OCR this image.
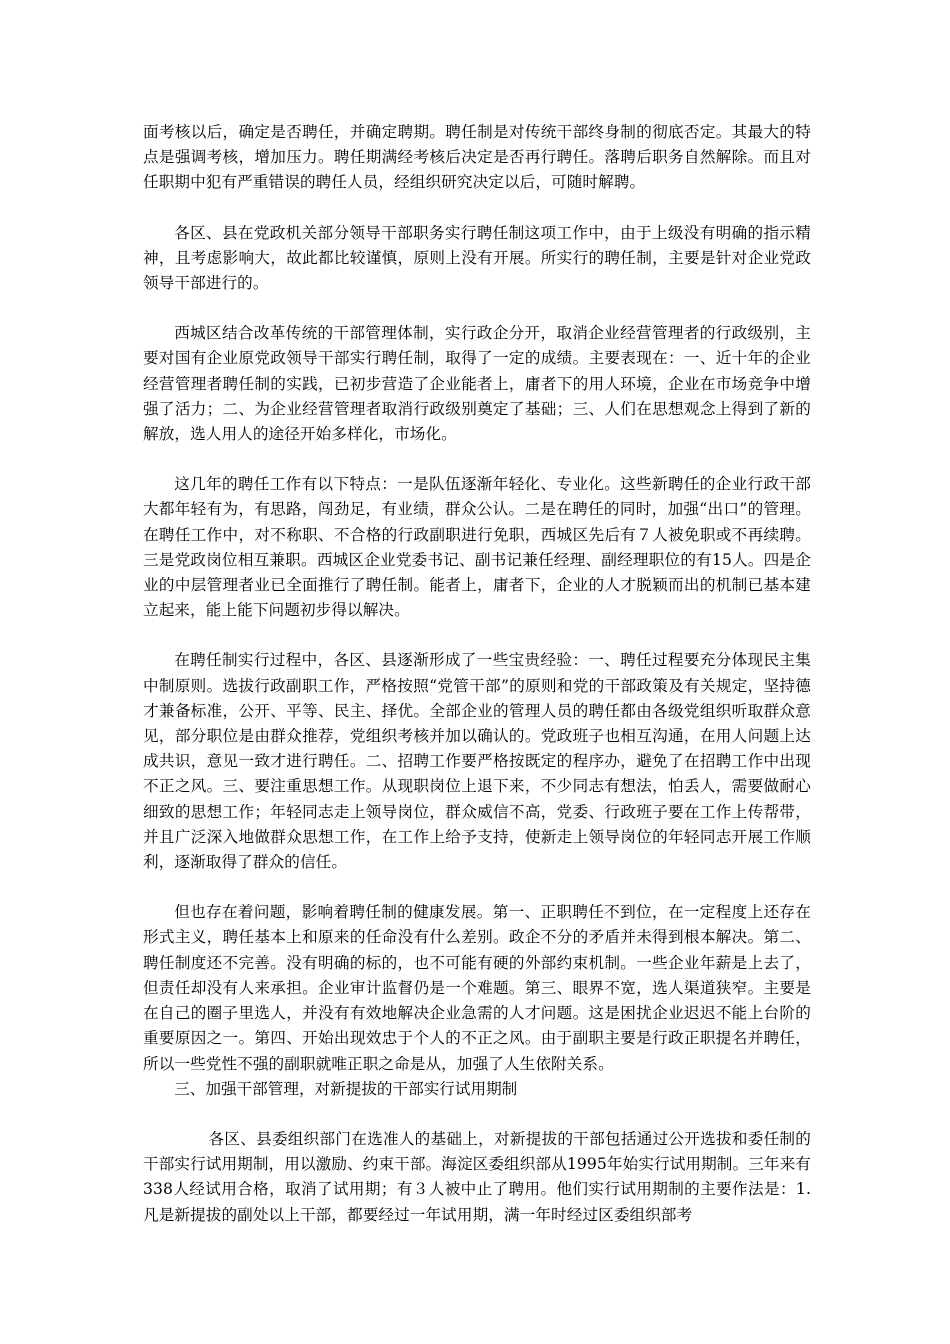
面考核以后，确定是否聘任，并确定聘期。聘任制是对传统干部终身制的彻底否定。其最大的特点是强调考核，增加压力。聘任期满经考核后决定是否再行聘任。落聘后职务自然解除。而且对任职期中犯有严重错误的聘任人员，经组织研究决定以后，可随时解聘。

各区、县在党政机关部分领导干部职务实行聘任制这项工作中，由于上级没有明确的指示精神，且考虑影响大，故此都比较谨慎，原则上没有开展。所实行的聘任制，主要是针对企业党政领导干部进行的。

西城区结合改革传统的干部管理体制，实行政企分开，取消企业经营管理者的行政级别，主要对国有企业原党政领导干部实行聘任制，取得了一定的成绩。主要表现在：一、近十年的企业经营管理者聘任制的实践，已初步营造了企业能者上，庸者下的用人环境，企业在市场竞争中增强了活力；二、为企业经营管理者取消行政级别奠定了基础；三、人们在思想观念上得到了新的解放，选人用人的途径开始多样化，市场化。

这几年的聘任工作有以下特点：一是队伍逐渐年轻化、专业化。这些新聘任的企业行政干部大都年轻有为，有思路，闯劲足，有业绩，群众公认。二是在聘任的同时，加强“出口”的管理。在聘任工作中，对不称职、不合格的行政副职进行免职，西城区先后有７人被免职或不再续聘。三是党政岗位相互兼职。西城区企业党委书记、副书记兼任经理、副经理职位的有15人。四是企业的中层管理者业已全面推行了聘任制。能者上，庸者下，企业的人才脱颖而出的机制已基本建立起来，能上能下问题初步得以解决。

在聘任制实行过程中，各区、县逐渐形成了一些宝贵经验：一、聘任过程要充分体现民主集中制原则。选拔行政副职工作，严格按照“党管干部”的原则和党的干部政策及有关规定，坚持德才兼备标准，公开、平等、民主、择优。全部企业的管理人员的聘任都由各级党组织听取群众意见，部分职位是由群众推荐，党组织考核并加以确认的。党政班子也相互沟通，在用人问题上达成共识，意见一致才进行聘任。二、招聘工作要严格按既定的程序办，避免了在招聘工作中出现不正之风。三、要注重思想工作。从现职岗位上退下来，不少同志有想法，怕丢人，需要做耐心细致的思想工作；年轻同志走上领导岗位，群众威信不高，党委、行政班子要在工作上传帮带，并且广泛深入地做群众思想工作，在工作上给予支持，使新走上领导岗位的年轻同志开展工作顺利，逐渐取得了群众的信任。

但也存在着问题，影响着聘任制的健康发展。第一、正职聘任不到位，在一定程度上还存在形式主义，聘任基本上和原来的任命没有什么差别。政企不分的矛盾并未得到根本解决。第二、聘任制度还不完善。没有明确的标的，也不可能有硬的外部约束机制。一些企业年薪是上去了，但责任却没有人来承担。企业审计监督仍是一个难题。第三、眼界不宽，选人渠道狭窄。主要是在自己的圈子里选人，并没有有效地解决企业急需的人才问题。这是困扰企业迟迟不能上台阶的重要原因之一。第四、开始出现效忠于个人的不正之风。由于副职主要是行政正职提名并聘任，所以一些党性不强的副职就唯正职之命是从，加强了人生依附关系。

三、加强干部管理，对新提拔的干部实行试用期制

各区、县委组织部门在选准人的基础上，对新提拔的干部包括通过公开选拔和委任制的干部实行试用期制，用以激励、约束干部。海淀区委组织部从1995年始实行试用期制。三年来有338人经试用合格，取消了试用期；有３人被中止了聘用。他们实行试用期制的主要作法是：1.凡是新提拔的副处以上干部，都要经过一年试用期，满一年时经过区委组织部考
